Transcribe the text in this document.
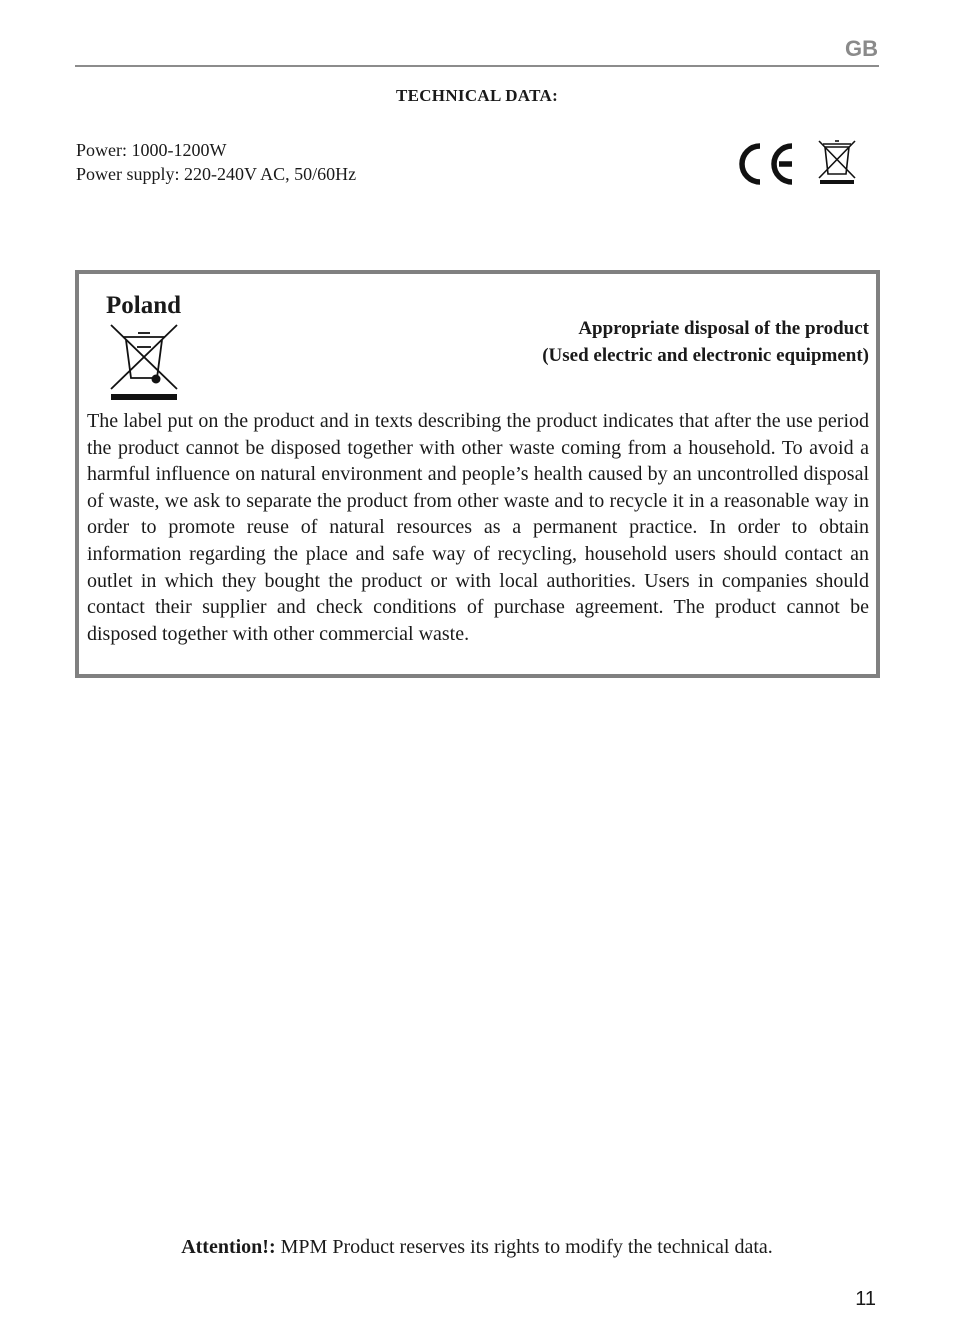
GB
TECHNICAL DATA:
Power: 1000-1200W
Power supply: 220-240V AC, 50/60Hz
Poland
Appropriate disposal of the product
(Used electric and electronic equipment)
The label put on the product and in texts describing the product indicates that after the use period the product cannot be disposed together with other waste coming from a household. To avoid a harmful influence on natural environment and people’s health caused by an uncontrolled disposal of waste, we ask to separate the product from other waste and to recycle it in a reasonable way in order to promote reuse of natural resources as a permanent practice. In order to obtain information regarding the place and safe way of recycling, household users should contact an outlet in which they bought the product or with local authorities. Users in companies should contact their supplier and check conditions of purchase agreement. The product cannot be disposed together with other commercial waste.
Attention!: MPM Product reserves its rights to modify the technical data.
11
